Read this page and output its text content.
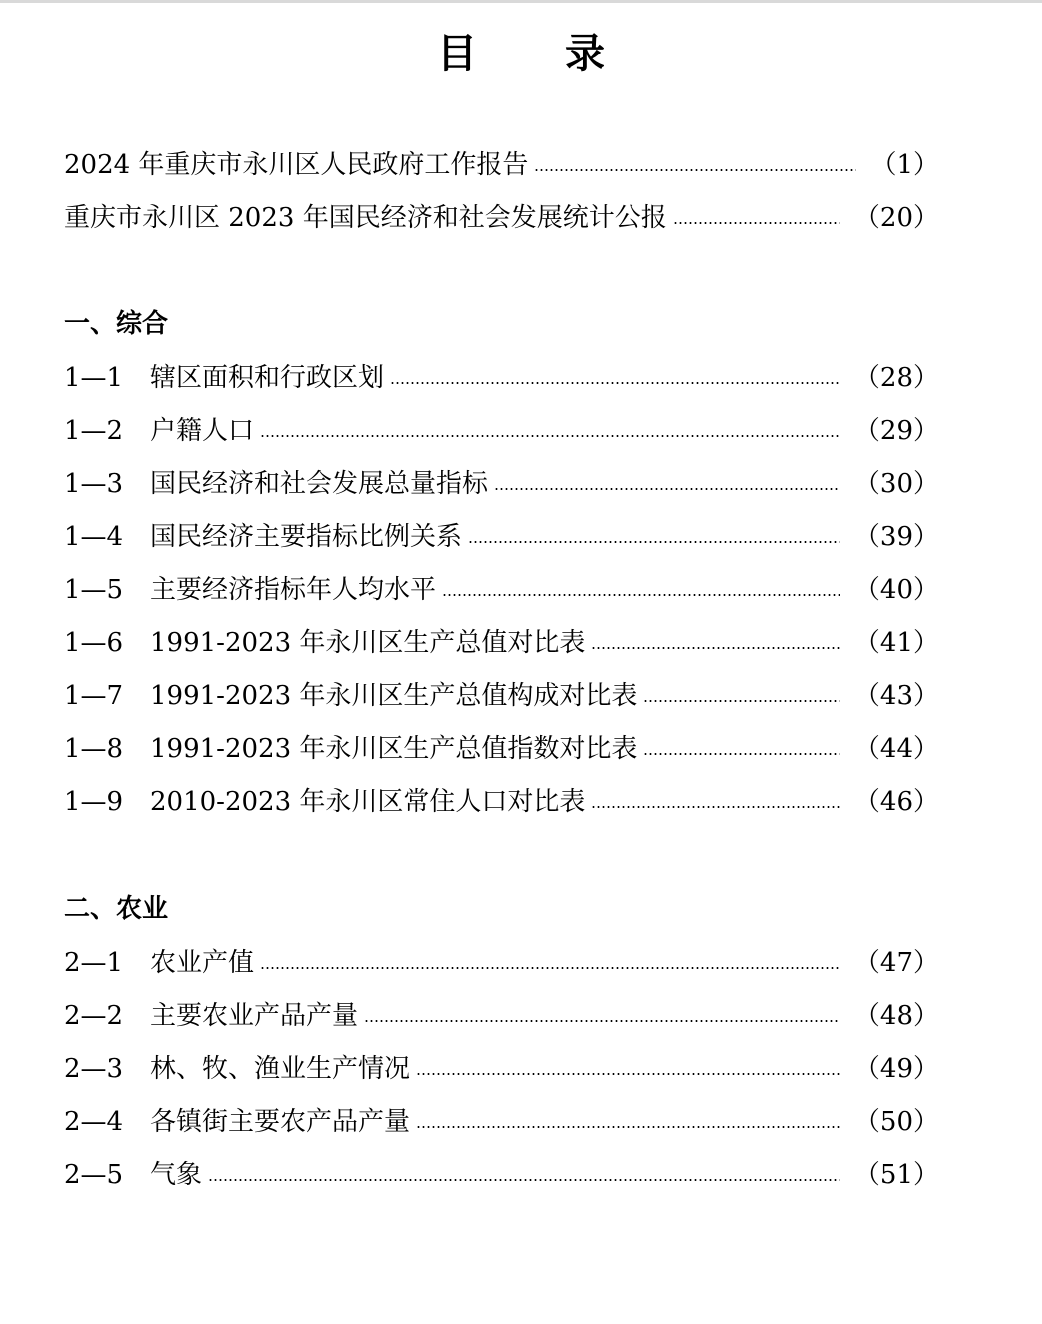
目 录
2024 年重庆市永川区人民政府工作报告	（1）
重庆市永川区 2023 年国民经济和社会发展统计公报	（20）
一、综合
1—1	辖区面积和行政区划	（28）
1—2	户籍人口	（29）
1—3	国民经济和社会发展总量指标	（30）
1—4	国民经济主要指标比例关系	（39）
1—5	主要经济指标年人均水平	（40）
1—6	1991-2023 年永川区生产总值对比表	（41）
1—7	1991-2023 年永川区生产总值构成对比表	（43）
1—8	1991-2023 年永川区生产总值指数对比表	（44）
1—9	2010-2023 年永川区常住人口对比表	（46）
二、农业
2—1	农业产值	（47）
2—2	主要农业产品产量	（48）
2—3	林、牧、渔业生产情况	（49）
2—4	各镇街主要农产品产量	（50）
2—5	气象	（51）
